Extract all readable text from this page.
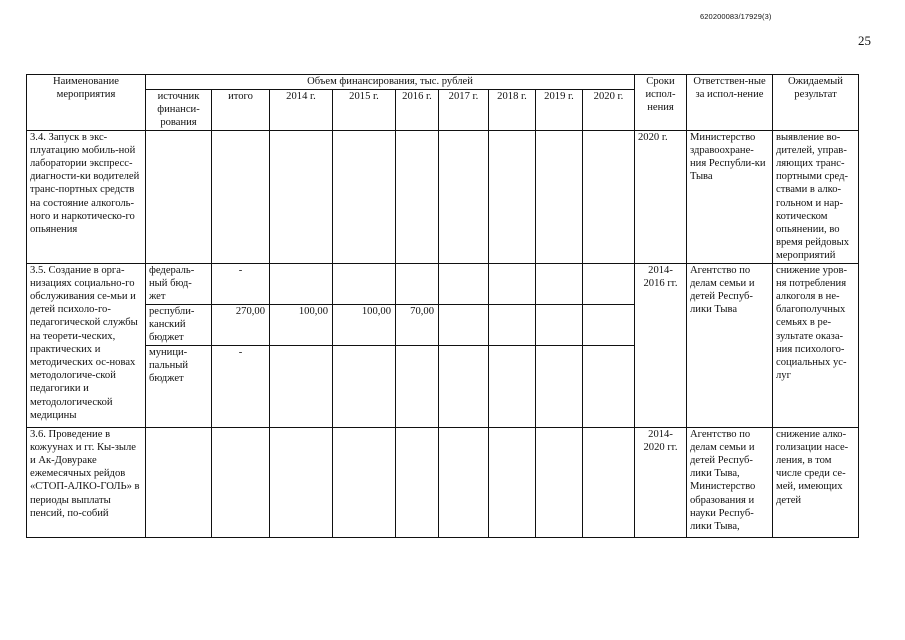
620200083/17929(3)
25
Наименование мероприятия	Объем финансирования, тыс. рублей									Сроки испол-нения	Ответствен-ные за испол-нение	Ожидаемый результат
	источник финанси-рования	итого	2014 г.	2015 г.	2016 г.	2017 г.	2018 г.	2019 г.	2020 г.			
3.4. Запуск в экс-плуатацию мобиль-ной лаборатории экспресс-диагности-ки водителей транс-портных средств на состояние алкоголь-ного и наркотическо-го опьянения										2020 г.	Министерство здравоохране-ния Республи-ки Тыва	выявление во-дителей, управ-ляющих транс-портными сред-ствами в алко-гольном и нар-котическом опьянении, во время рейдовых мероприятий
3.5. Создание в орга-низациях социально-го обслуживания се-мьи и детей психоло-го-педагогической службы на теорети-ческих, практических и методических ос-новах методологиче-ской педагогики и методологической медицины	федераль-ный бюд-жет	-								2014-2016 гг.	Агентство по делам семьи и детей Респуб-лики Тыва	снижение уров-ня потребления алкоголя в не-благополучных семьях в ре-зультате оказа-ния психолого-социальных ус-луг
	республи-канский бюджет	270,00	100,00	100,00	70,00							
	муници-пальный бюджет	-										
3.6. Проведение в кожуунах и гг. Кы-зыле и Ак-Довураке ежемесячных рейдов «СТОП-АЛКО-ГОЛЬ» в периоды выплаты пенсий, по-собий										2014-2020 гг.	Агентство по делам семьи и детей Респуб-лики Тыва, Министерство образования и науки Респуб-лики Тыва,	снижение алко-голизации насе-ления, в том числе среди се-мей, имеющих детей
